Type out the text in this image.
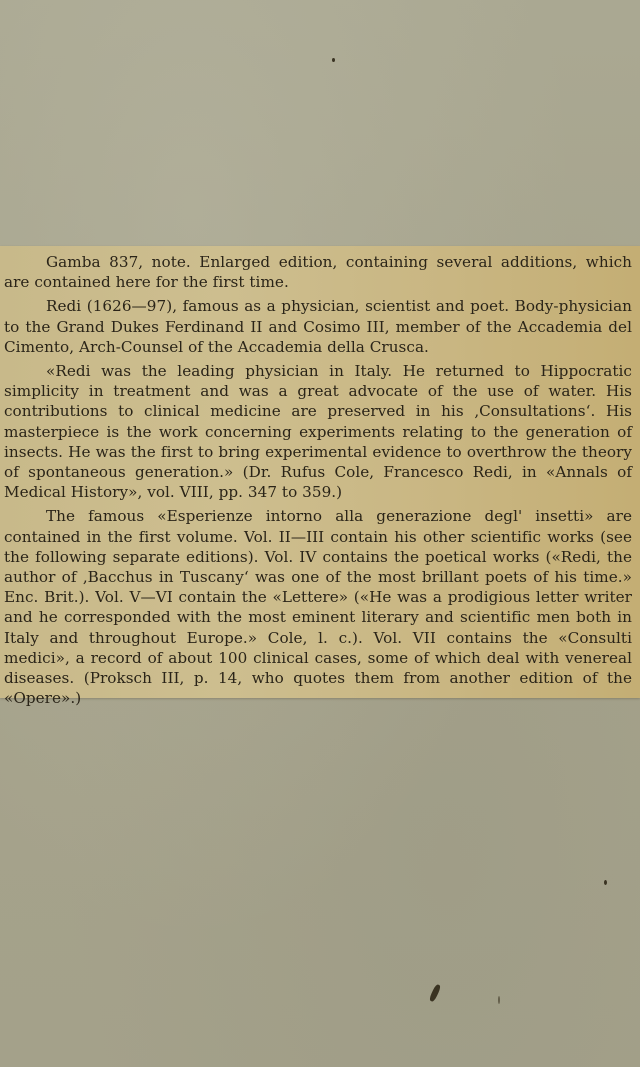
Gamba 837, note. Enlarged edition, containing several additions, which are contained here for the first time.

Redi (1626—97), famous as a physician, scientist and poet. Body-physician to the Grand Dukes Ferdinand II and Cosimo III, member of the Accademia del Cimento, Arch-Counsel of the Accademia della Crusca.

«Redi was the leading physician in Italy. He returned to Hippocratic simplicity in treatment and was a great advocate of the use of water. His contributions to clinical medicine are preserved in his ‚Consultations‘. His masterpiece is the work concerning experiments relating to the generation of insects. He was the first to bring experimental evidence to overthrow the theory of spontaneous generation.» (Dr. Rufus Cole, Francesco Redi, in «Annals of Medical History», vol. VIII, pp. 347 to 359.)

The famous «Esperienze intorno alla generazione degl' insetti» are contained in the first volume. Vol. II—III contain his other scientific works (see the following separate editions). Vol. IV contains the poetical works («Redi, the author of ‚Bacchus in Tuscany‘ was one of the most brillant poets of his time.» Enc. Brit.). Vol. V—VI contain the «Lettere» («He was a prodigious letter writer and he corresponded with the most eminent literary and scientific men both in Italy and throughout Europe.» Cole, l. c.). Vol. VII contains the «Consulti medici», a record of about 100 clinical cases, some of which deal with venereal diseases. (Proksch III, p. 14, who quotes them from another edition of the «Opere».)
